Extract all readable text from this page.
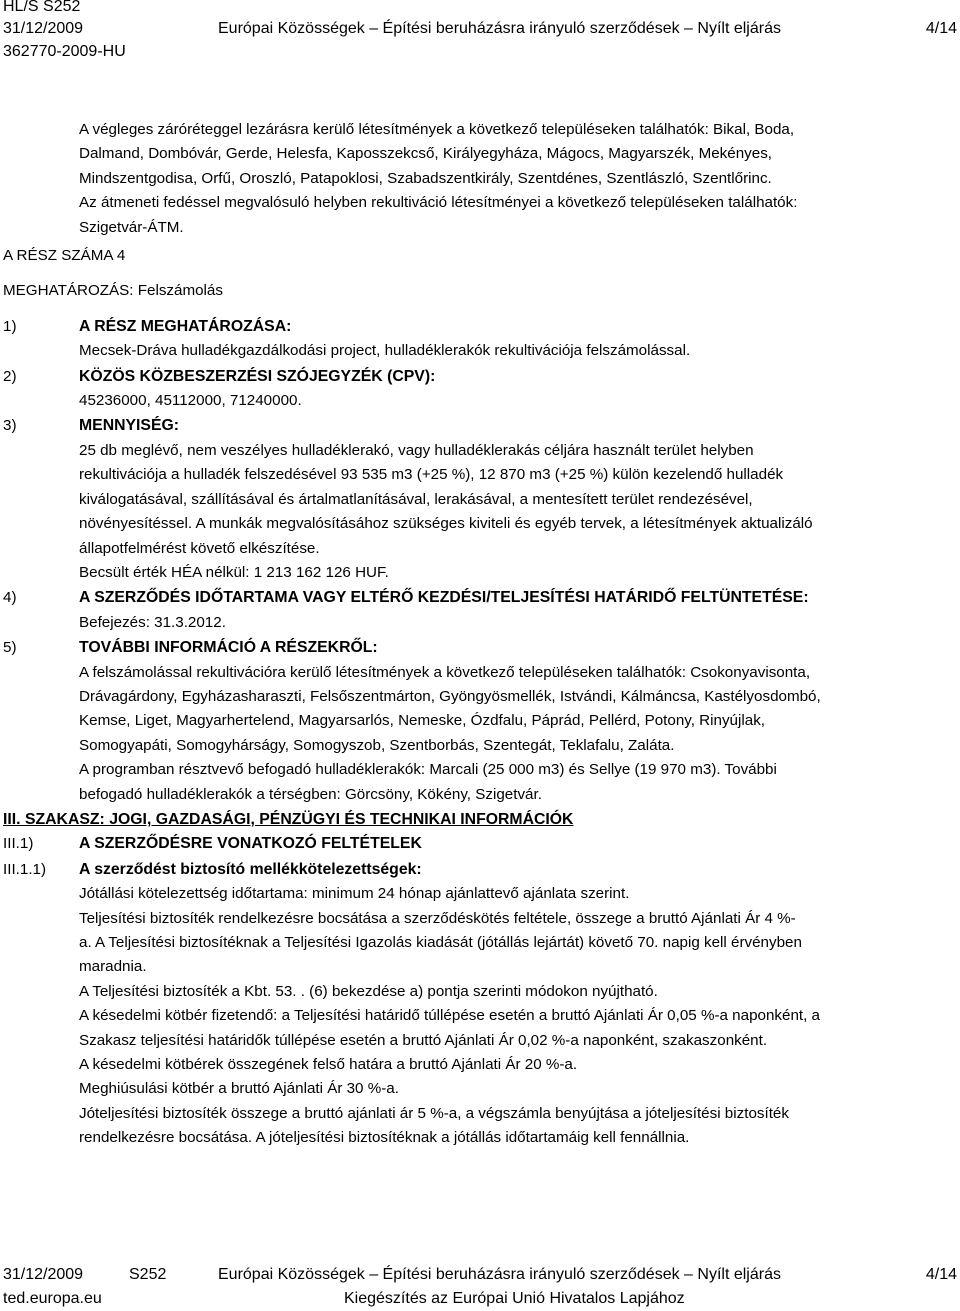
HL/S S252
31/12/2009	Európai Közösségek – Építési beruházásra irányuló szerződések – Nyílt eljárás	4/14
362770-2009-HU
A végleges záróréteggel lezárásra kerülő létesítmények a következő településeken találhatók: Bikal, Boda,
Dalmand, Dombóvár, Gerde, Helesfa, Kaposszekcső, Királyegyháza, Mágocs, Magyarszék, Mekényes,
Mindszentgodisa, Orfű, Oroszló, Patapoklosi, Szabadszentkirály, Szentdénes, Szentlászló, Szentlőrinc.
Az átmeneti fedéssel megvalósuló helyben rekultiváció létesítményei a következő településeken találhatók:
Szigetvár-ÁTM.
A RÉSZ SZÁMA 4
MEGHATÁROZÁS: Felszámolás
1)	A RÉSZ MEGHATÁROZÁSA:
Mecsek-Dráva hulladékgazdálkodási project, hulladéklerakók rekultivációja felszámolással.
2)	KÖZÖS KÖZBESZERZÉSI SZÓJEGYZÉK (CPV):
45236000, 45112000, 71240000.
3)	MENNYISÉG:
25 db meglévő, nem veszélyes hulladéklerakó, vagy hulladéklerakás céljára használt terület helyben
rekultivációja a hulladék felszedésével 93 535 m3 (+25 %), 12 870 m3 (+25 %) külön kezelendő hulladék
kiválogatásával, szállításával és ártalmatlanításával, lerakásával, a mentesített terület rendezésével,
növényesítéssel. A munkák megvalósításához szükséges kiviteli és egyéb tervek, a létesítmények aktualizáló
állapotfelmérést követő elkészítése.
Becsült érték HÉA nélkül: 1 213 162 126 HUF.
4)	A SZERZŐDÉS IDŐTARTAMA VAGY ELTÉRŐ KEZDÉSI/TELJESÍTÉSI HATÁRIDŐ FELTÜNTETÉSE:
Befejezés: 31.3.2012.
5)	TOVÁBBI INFORMÁCIÓ A RÉSZEKRŐL:
A felszámolással rekultivációra kerülő létesítmények a következő településeken találhatók: Csokonyavisonta,
Drávagárdony, Egyházasharaszti, Felsőszentmárton, Gyöngyösmellék, Istvándi, Kálmáncsa, Kastélyosdombó,
Kemse, Liget, Magyarhertelend, Magyarsarlós, Nemeske, Ózdfalu, Páprád, Pellérd, Potony, Rinyújlak,
Somogyapáti, Somogyhárságy, Somogyszob, Szentborbás, Szentegát, Teklafalu, Zaláta.
A programban résztvevő befogadó hulladéklerakók: Marcali (25 000 m3) és Sellye (19 970 m3). További
befogadó hulladéklerakók a térségben: Görcsöny, Kökény, Szigetvár.
III. SZAKASZ: JOGI, GAZDASÁGI, PÉNZÜGYI ÉS TECHNIKAI INFORMÁCIÓK
III.1)	A SZERZŐDÉSRE VONATKOZÓ FELTÉTELEK
III.1.1)	A szerződést biztosító mellékkötelezettségek:
Jótállási kötelezettség időtartama: minimum 24 hónap ajánlattevő ajánlata szerint.
Teljesítési biztosíték rendelkezésre bocsátása a szerződéskötés feltétele, összege a bruttó Ajánlati Ár 4 %-
a. A Teljesítési biztosítéknak a Teljesítési Igazolás kiadását (jótállás lejártát) követő 70. napig kell érvényben
maradnia.
A Teljesítési biztosíték a Kbt. 53. . (6) bekezdése a) pontja szerinti módokon nyújtható.
A késedelmi kötbér fizetendő: a Teljesítési határidő túllépése esetén a bruttó Ajánlati Ár 0,05 %-a naponként, a
Szakasz teljesítési határidők túllépése esetén a bruttó Ajánlati Ár 0,02 %-a naponként, szakaszonként.
A késedelmi kötbérek összegének felső határa a bruttó Ajánlati Ár 20 %-a.
Meghiúsulási kötbér a bruttó Ajánlati Ár 30 %-a.
Jóteljesítési biztosíték összege a bruttó ajánlati ár 5 %-a, a végszámla benyújtása a jóteljesítési biztosíték
rendelkezésre bocsátása. A jóteljesítési biztosítéknak a jótállás időtartamáig kell fennállnia.
31/12/2009	S252	Európai Közösségek – Építési beruházásra irányuló szerződések – Nyílt eljárás	4/14
ted.europa.eu	Kiegészítés az Európai Unió Hivatalos Lapjához
